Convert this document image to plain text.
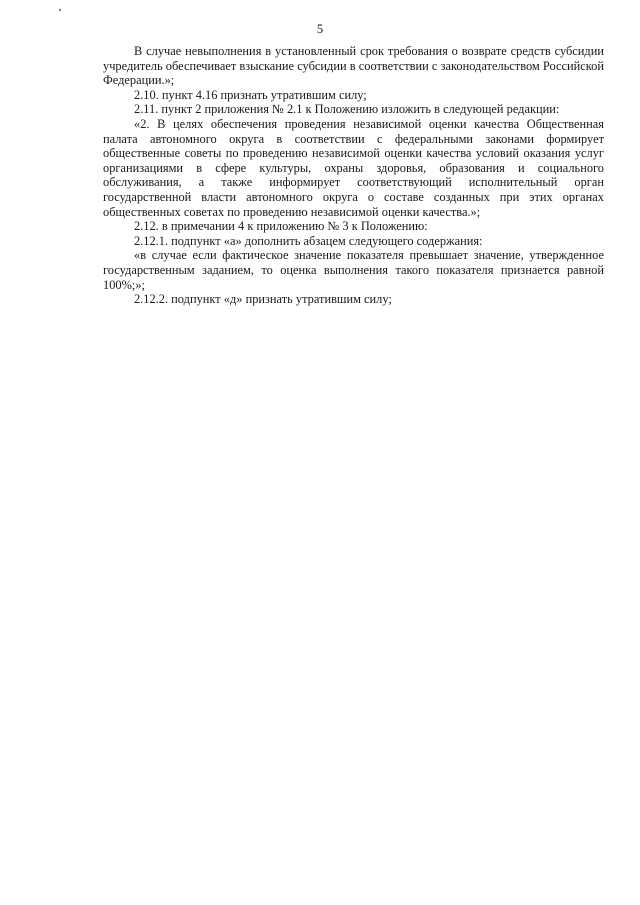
5

В случае невыполнения в установленный срок требования о возврате средств субсидии учредитель обеспечивает взыскание субсидии в соответствии с законодательством Российской Федерации.»;

2.10. пункт 4.16 признать утратившим силу;

2.11. пункт 2 приложения № 2.1 к Положению изложить в следующей редакции:

«2. В целях обеспечения проведения независимой оценки качества Общественная палата автономного округа в соответствии с федеральными законами формирует общественные советы по проведению независимой оценки качества условий оказания услуг организациями в сфере культуры, охраны здоровья, образования и социального обслуживания, а также информирует соответствующий исполнительный орган государственной власти автономного округа о составе созданных при этих органах общественных советах по проведению независимой оценки качества.»;

2.12. в примечании 4 к приложению № 3 к Положению:

2.12.1. подпункт «а» дополнить абзацем следующего содержания:

«в случае если фактическое значение показателя превышает значение, утвержденное государственным заданием, то оценка выполнения такого показателя признается равной 100%;»;

2.12.2. подпункт «д» признать утратившим силу;
